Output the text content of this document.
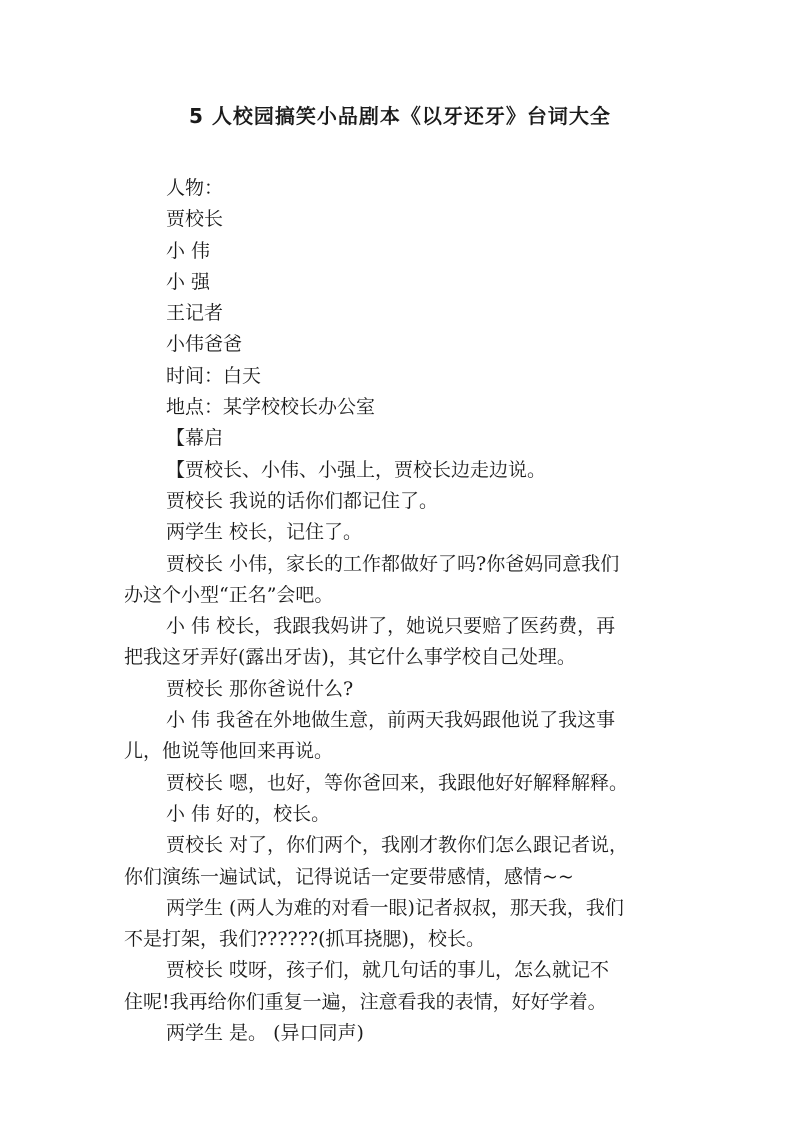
5 人校园搞笑小品剧本《以牙还牙》台词大全
人物：
贾校长
小 伟
小 强
王记者
小伟爸爸
时间：白天
地点：某学校校长办公室
【幕启
【贾校长、小伟、小强上，贾校长边走边说。
贾校长 我说的话你们都记住了。
两学生 校长，记住了。
贾校长 小伟，家长的工作都做好了吗?你爸妈同意我们
办这个小型“正名”会吧。
小 伟 校长，我跟我妈讲了，她说只要赔了医药费，再
把我这牙弄好(露出牙齿)，其它什么事学校自己处理。
贾校长 那你爸说什么?
小 伟 我爸在外地做生意，前两天我妈跟他说了我这事
儿，他说等他回来再说。
贾校长 嗯，也好，等你爸回来，我跟他好好解释解释。
小 伟 好的，校长。
贾校长 对了，你们两个，我刚才教你们怎么跟记者说，
你们演练一遍试试，记得说话一定要带感情，感情~~
两学生 (两人为难的对看一眼)记者叔叔，那天我，我们
不是打架，我们??????(抓耳挠腮)，校长。
贾校长 哎呀，孩子们，就几句话的事儿，怎么就记不
住呢!我再给你们重复一遍，注意看我的表情，好好学着。
两学生 是。 (异口同声)
